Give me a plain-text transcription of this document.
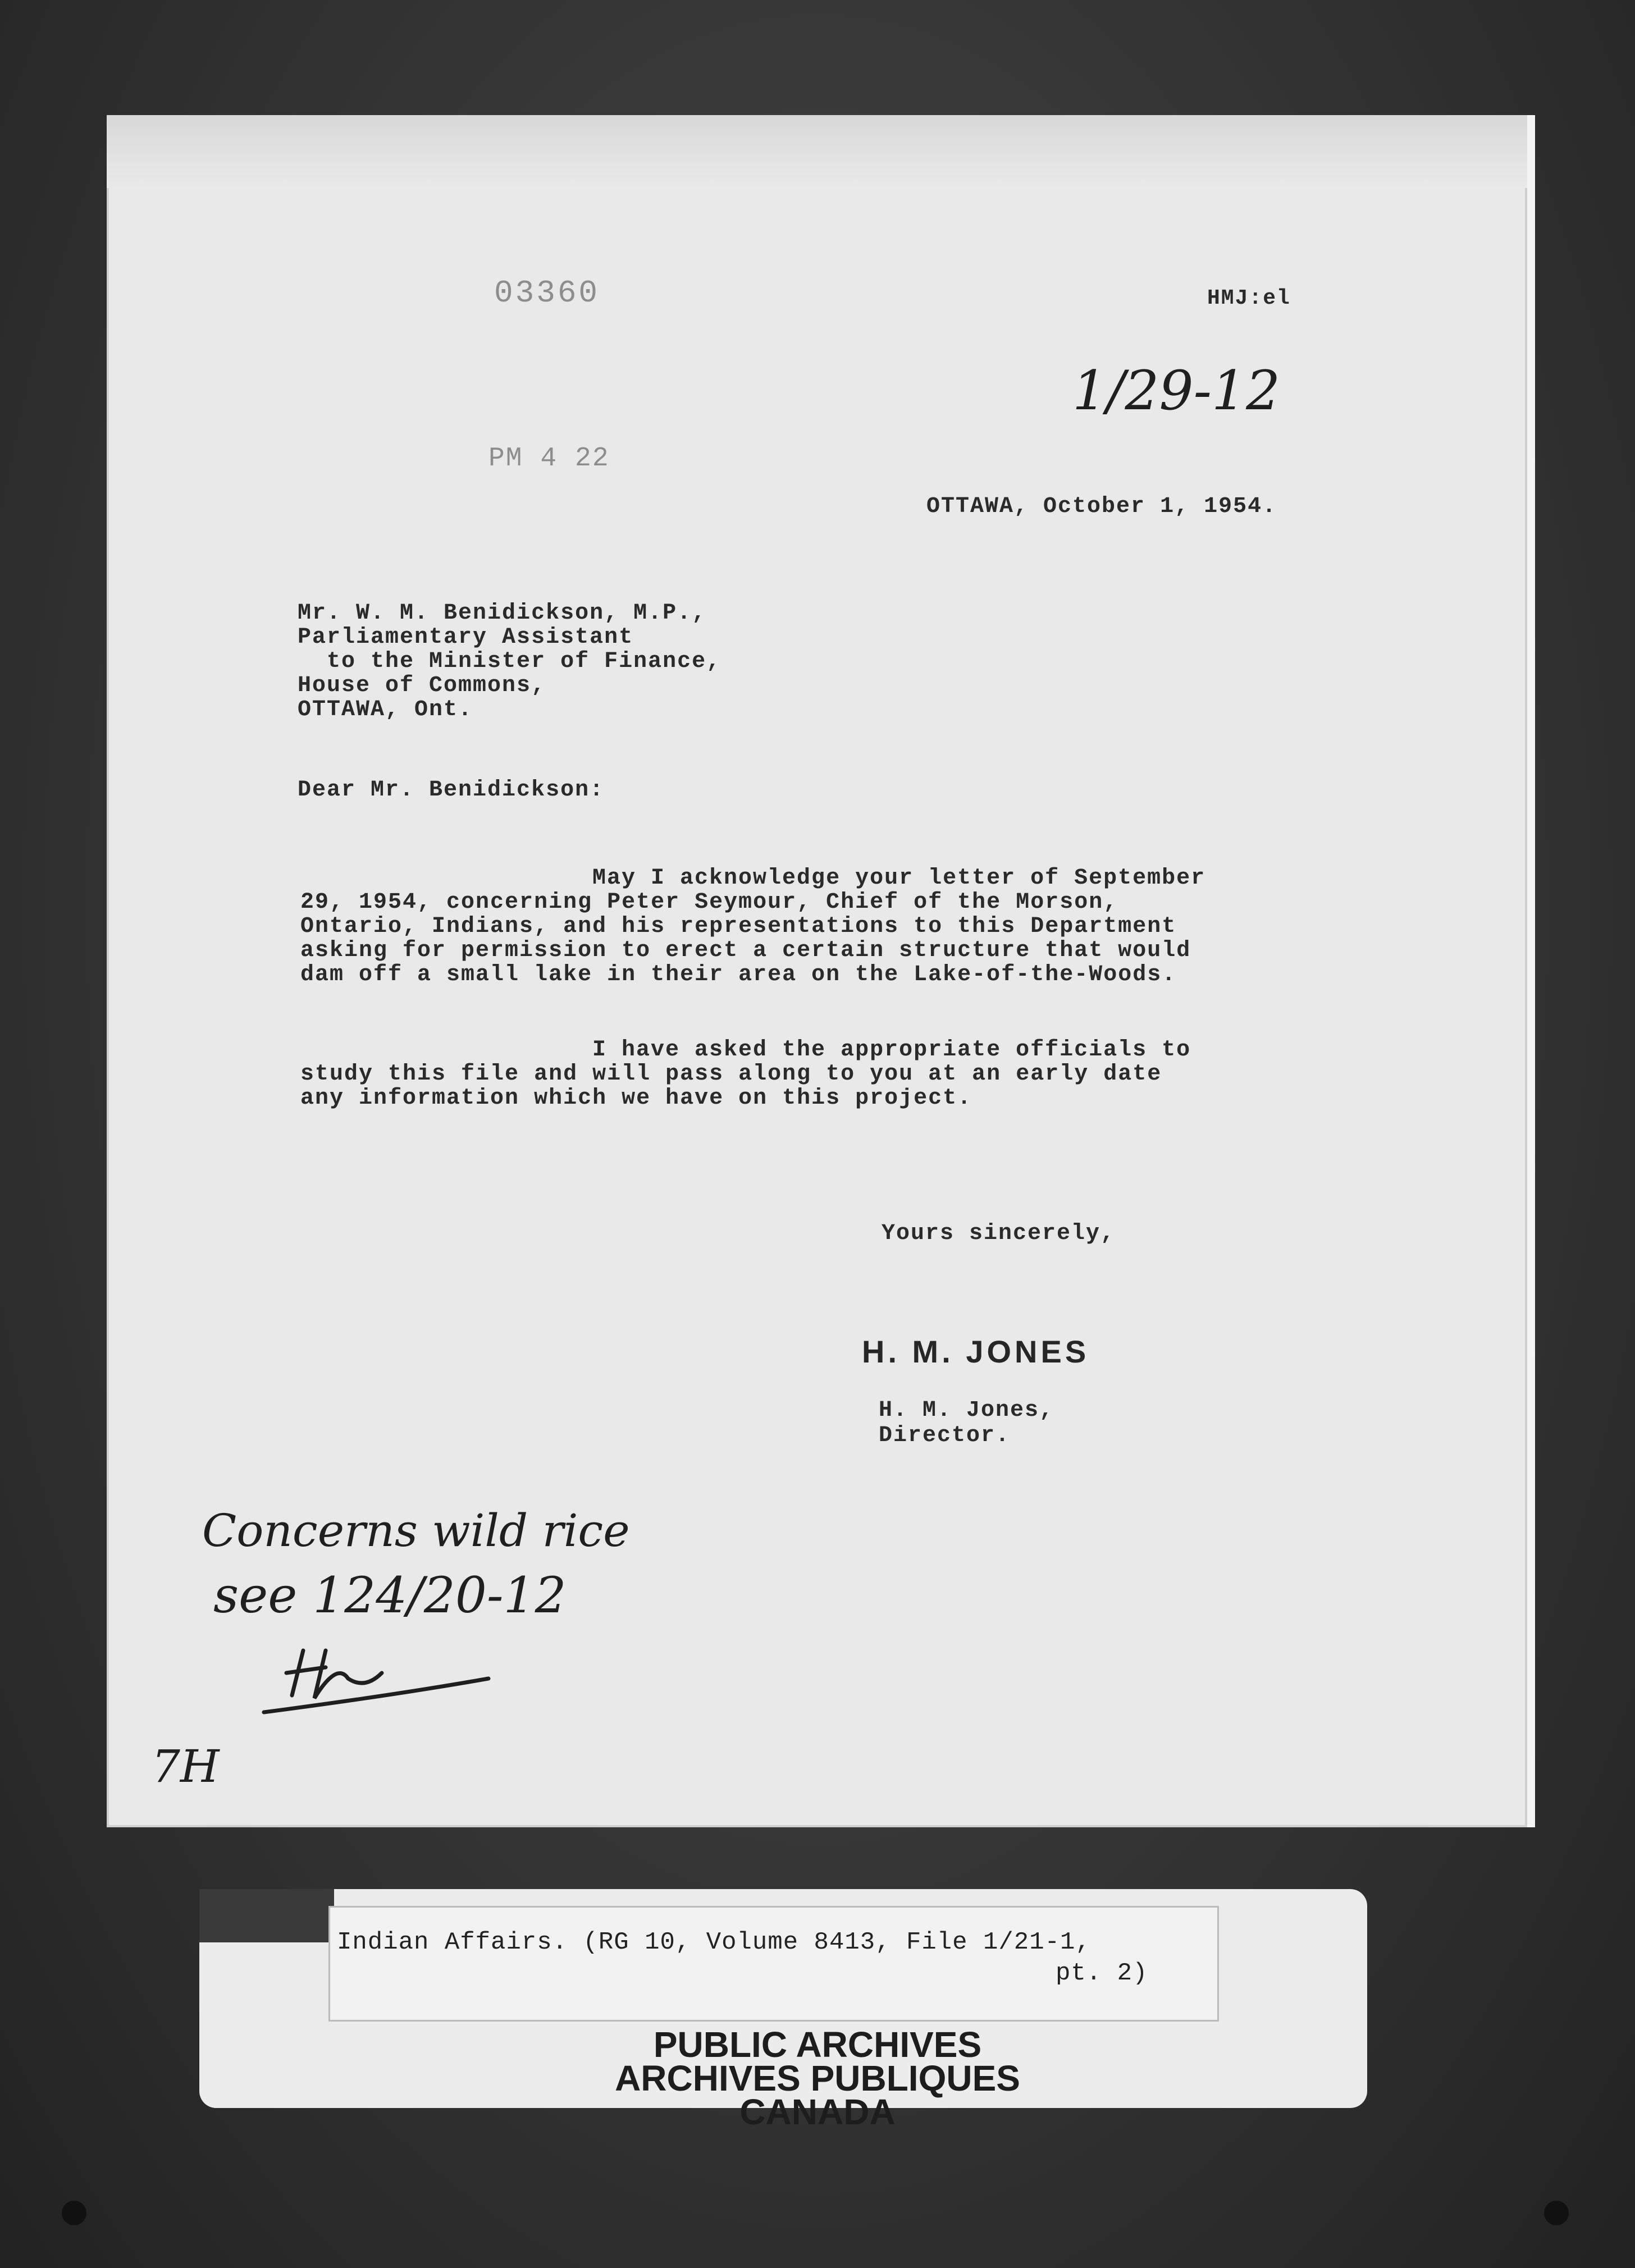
03360	HMJ:el
1/29-12
PM 4 22
OTTAWA, October 1, 1954.
Mr. W. M. Benidickson, M.P.,
Parliamentary Assistant
to the Minister of Finance,
House of Commons,
OTTAWA, Ont.
Dear Mr. Benidickson:
May I acknowledge your letter of September
29, 1954, concerning Peter Seymour, Chief of the Morson,
Ontario, Indians, and his representations to this Department
asking for permission to erect a certain structure that would
dam off a small lake in their area on the Lake-of-the-Woods.
I have asked the appropriate officials to
study this file and will pass along to you at an early date
any information which we have on this project.
Yours sincerely,
H. M. JONES
H. M. Jones,
Director.
Concerns wild rice
see 124/20-12
7H
Indian Affairs. (RG 10, Volume 8413, File 1/21-1,
pt. 2)
PUBLIC ARCHIVES
ARCHIVES PUBLIQUES
CANADA
